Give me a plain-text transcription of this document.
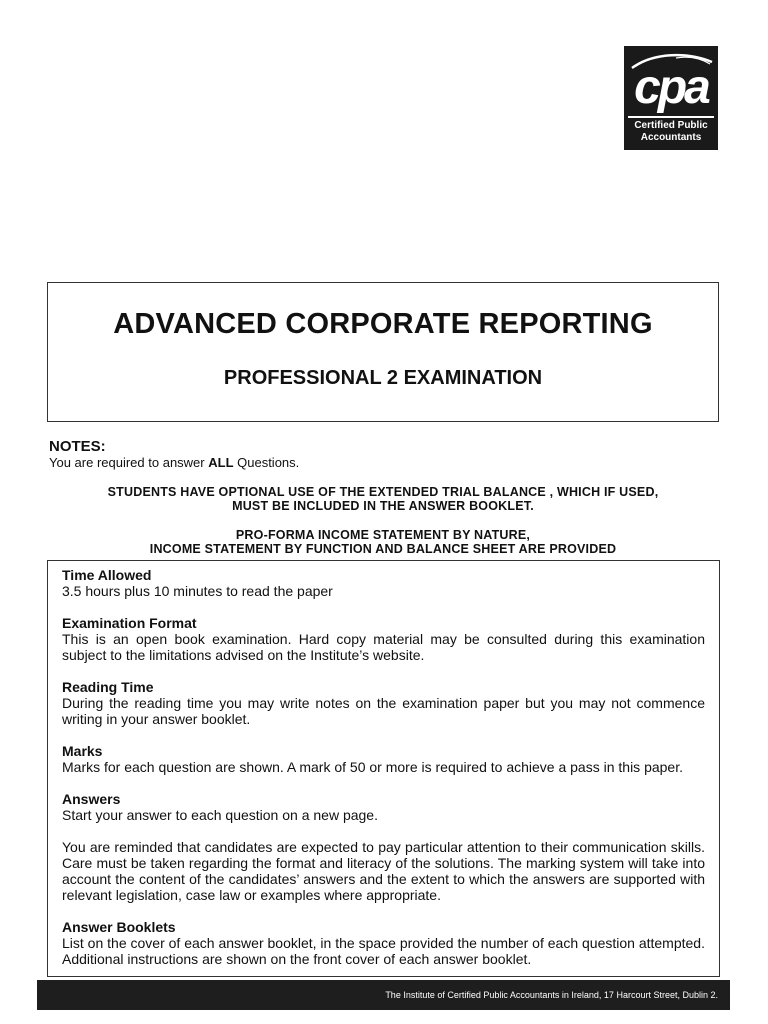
cpa
Certified Public
Accountants
ADVANCED CORPORATE REPORTING
PROFESSIONAL 2 EXAMINATION
NOTES:
You are required to answer ALL Questions.
STUDENTS HAVE OPTIONAL USE OF THE EXTENDED TRIAL BALANCE , WHICH IF USED,
MUST BE INCLUDED IN THE ANSWER BOOKLET.
PRO-FORMA INCOME STATEMENT BY NATURE,
INCOME STATEMENT BY FUNCTION AND BALANCE SHEET ARE PROVIDED
Time Allowed
3.5 hours plus 10 minutes to read the paper
Examination Format
This is an open book examination. Hard copy material may be consulted during this examination subject to the limitations advised on the Institute’s website.
Reading Time
During the reading time you may write notes on the examination paper but you may not commence writing in your answer booklet.
Marks
Marks for each question are shown. A mark of 50 or more is required to achieve a pass in this paper.
Answers
Start your answer to each question on a new page.
You are reminded that candidates are expected to pay particular attention to their communication skills. Care must be taken regarding the format and literacy of the solutions. The marking system will take into account the content of the candidates’ answers and the extent to which the answers are supported with relevant legislation, case law or examples where appropriate.
Answer Booklets
List on the cover of each answer booklet, in the space provided the number of each question attempted. Additional instructions are shown on the front cover of each answer booklet.
The Institute of Certified Public Accountants in Ireland, 17 Harcourt Street, Dublin 2.
